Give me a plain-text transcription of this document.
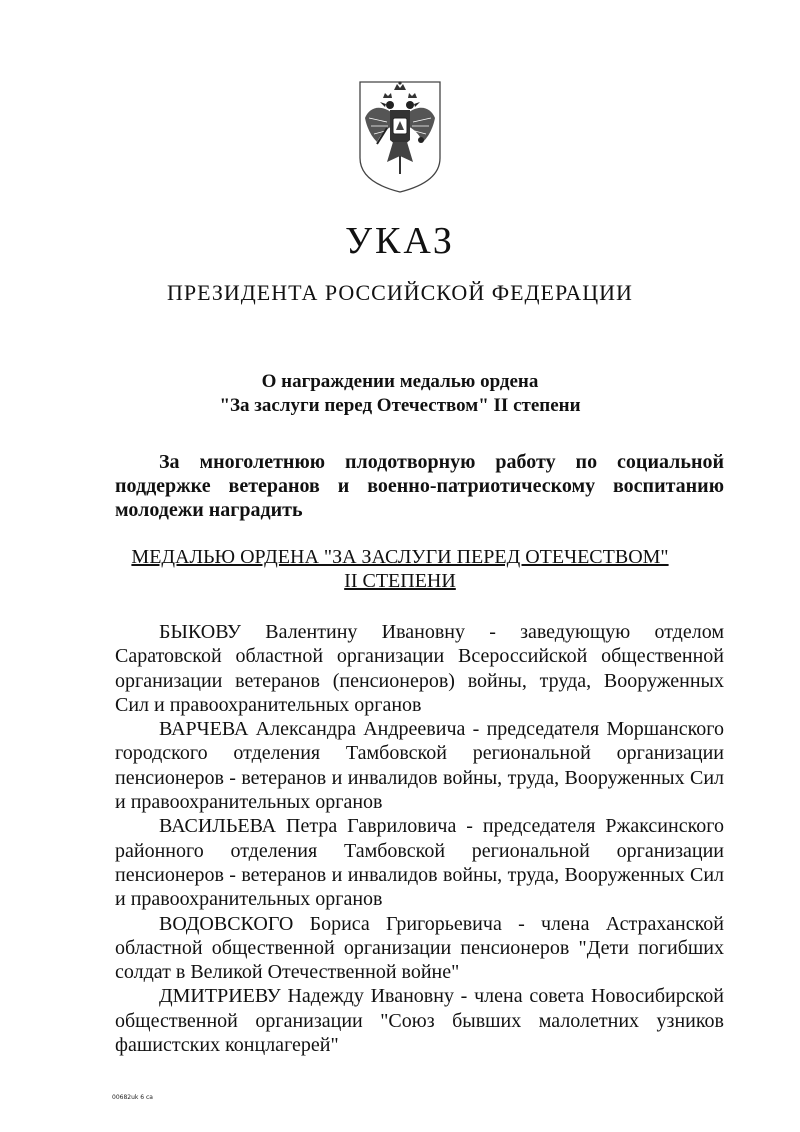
УКАЗ
ПРЕЗИДЕНТА РОССИЙСКОЙ ФЕДЕРАЦИИ
О награждении медалью ордена
"За заслуги перед Отечеством" II степени
За многолетнюю плодотворную работу по социальной поддержке ветеранов и военно-патриотическому воспитанию молодежи наградить
МЕДАЛЬЮ ОРДЕНА "ЗА ЗАСЛУГИ ПЕРЕД ОТЕЧЕСТВОМ"
II СТЕПЕНИ

БЫКОВУ Валентину Ивановну - заведующую отделом Саратовской областной организации Всероссийской общественной организации ветеранов (пенсионеров) войны, труда, Вооруженных Сил и правоохранительных органов

ВАРЧЕВА Александра Андреевича - председателя Моршанского городского отделения Тамбовской региональной организации пенсионеров - ветеранов и инвалидов войны, труда, Вооруженных Сил и правоохранительных органов

ВАСИЛЬЕВА Петра Гавриловича - председателя Ржаксинского районного отделения Тамбовской региональной организации пенсионеров - ветеранов и инвалидов войны, труда, Вооруженных Сил и правоохранительных органов

ВОДОВСКОГО Бориса Григорьевича - члена Астраханской областной общественной организации пенсионеров "Дети погибших солдат в Великой Отечественной войне"

ДМИТРИЕВУ Надежду Ивановну - члена совета Новосибирской общественной организации "Союз бывших малолетних узников фашистских концлагерей"

00682uk 6 ca
